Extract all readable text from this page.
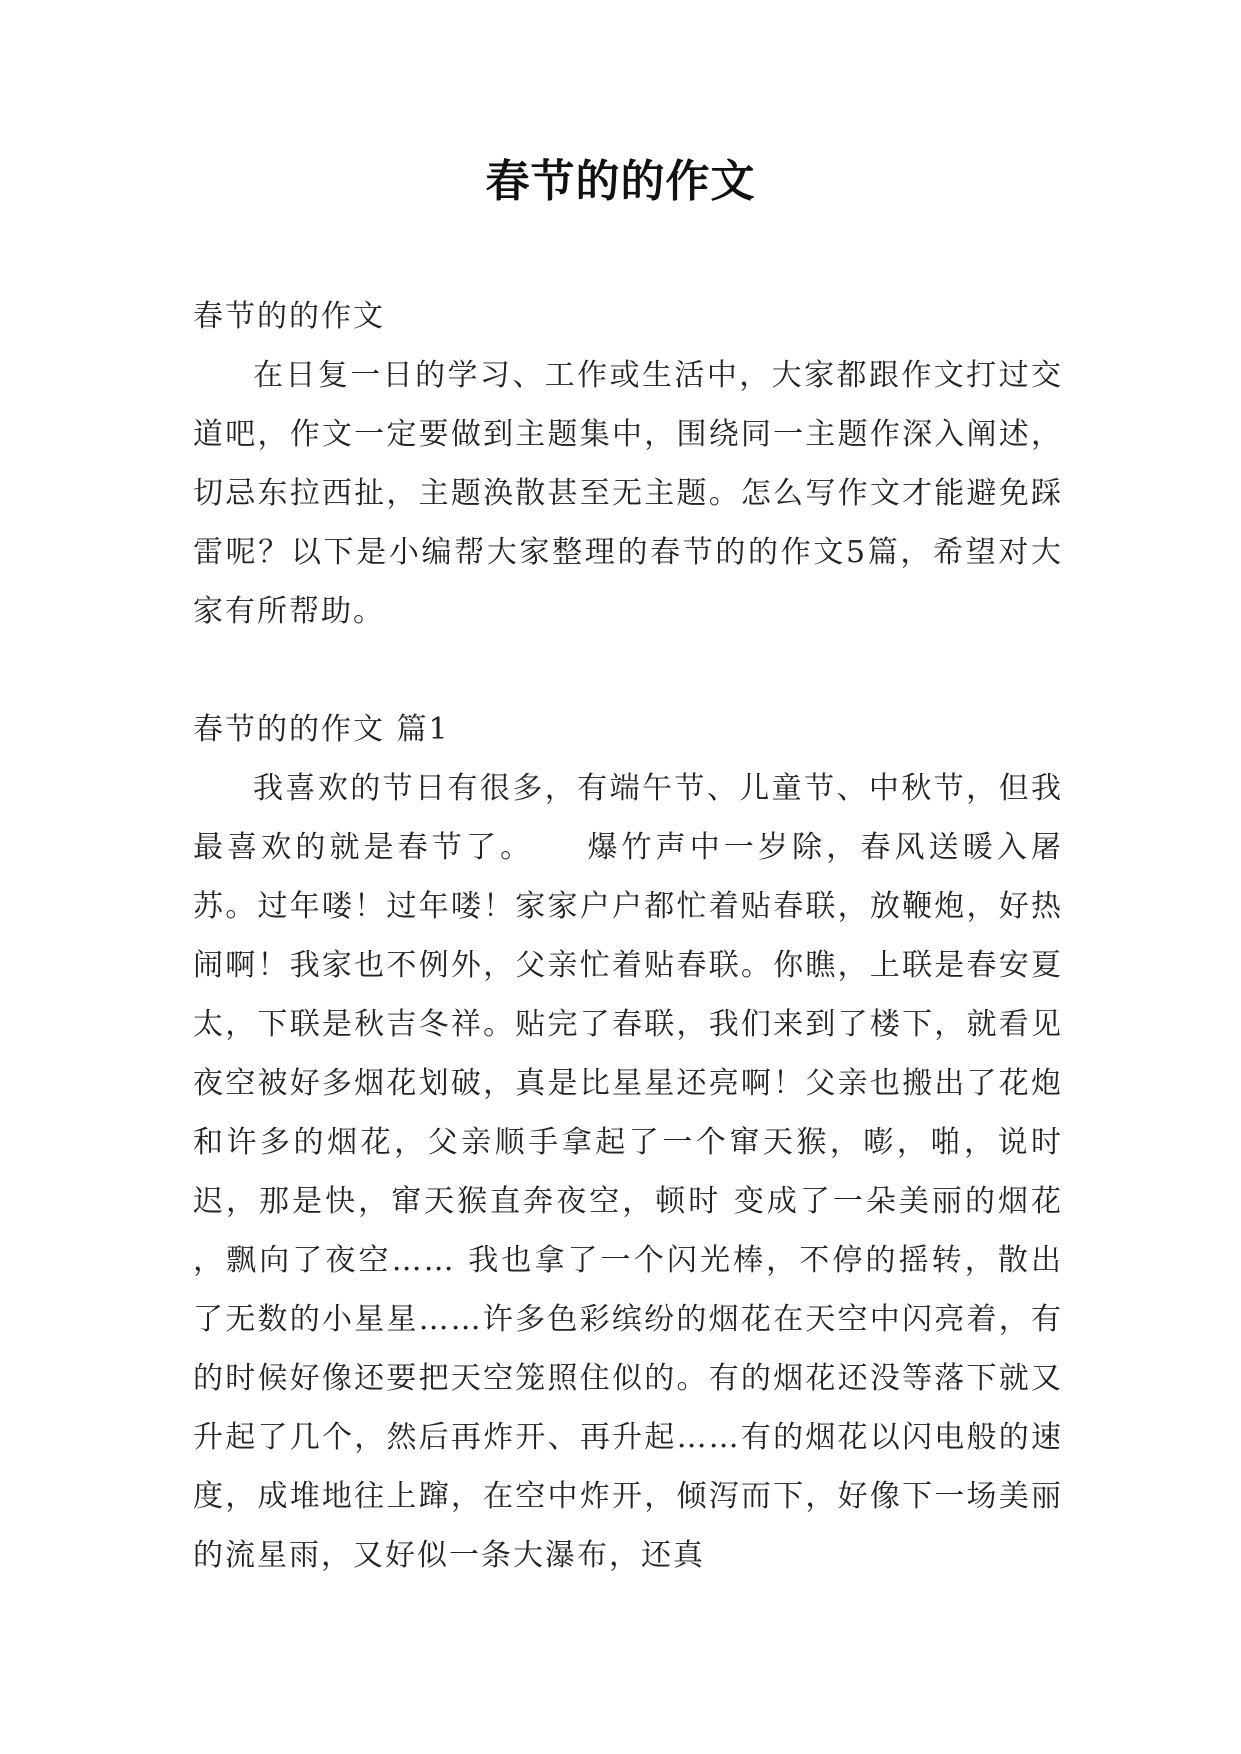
春节的的作文

春节的的作文

在日复一日的学习、工作或生活中，大家都跟作文打过交道吧，作文一定要做到主题集中，围绕同一主题作深入阐述，切忌东拉西扯，主题涣散甚至无主题。怎么写作文才能避免踩雷呢？以下是小编帮大家整理的春节的的作文5篇，希望对大家有所帮助。

春节的的作文 篇1

我喜欢的节日有很多，有端午节、儿童节、中秋节，但我最喜欢的就是春节了。　　爆竹声中一岁除，春风送暖入屠苏。过年喽！过年喽！家家户户都忙着贴春联，放鞭炮，好热闹啊！我家也不例外，父亲忙着贴春联。你瞧，上联是春安夏太，下联是秋吉冬祥。贴完了春联，我们来到了楼下，就看见夜空被好多烟花划破，真是比星星还亮啊！父亲也搬出了花炮和许多的烟花，父亲顺手拿起了一个窜天猴，嘭，啪，说时迟，那是快，窜天猴直奔夜空，顿时 变成了一朵美丽的烟花 ，飘向了夜空…… 我也拿了一个闪光棒，不停的摇转，散出了无数的小星星……许多色彩缤纷的烟花在天空中闪亮着，有的时候好像还要把天空笼照住似的。有的烟花还没等落下就又升起了几个，然后再炸开、再升起……有的烟花以闪电般的速度，成堆地往上蹿，在空中炸开，倾泻而下，好像下一场美丽的流星雨，又好似一条大瀑布，还真
